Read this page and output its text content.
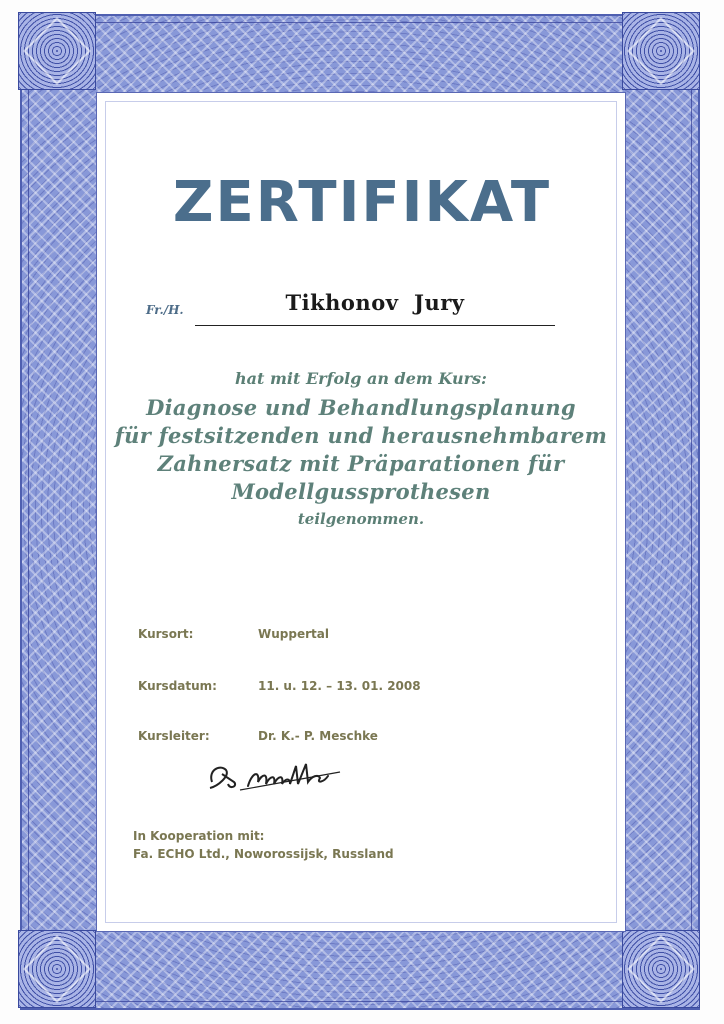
ZERTIFIKAT
Fr./H.	Tikhonov  Jury
hat mit Erfolg an dem Kurs:
Diagnose und Behandlungsplanung
für festsitzenden und herausnehmbarem
Zahnersatz mit Präparationen für
Modellgussprothesen
teilgenommen.
Kursort:	Wuppertal
Kursdatum:	11. u. 12. – 13. 01. 2008
Kursleiter:	Dr. K.- P. Meschke
In Kooperation mit:
Fa. ECHO Ltd., Noworossijsk, Russland
